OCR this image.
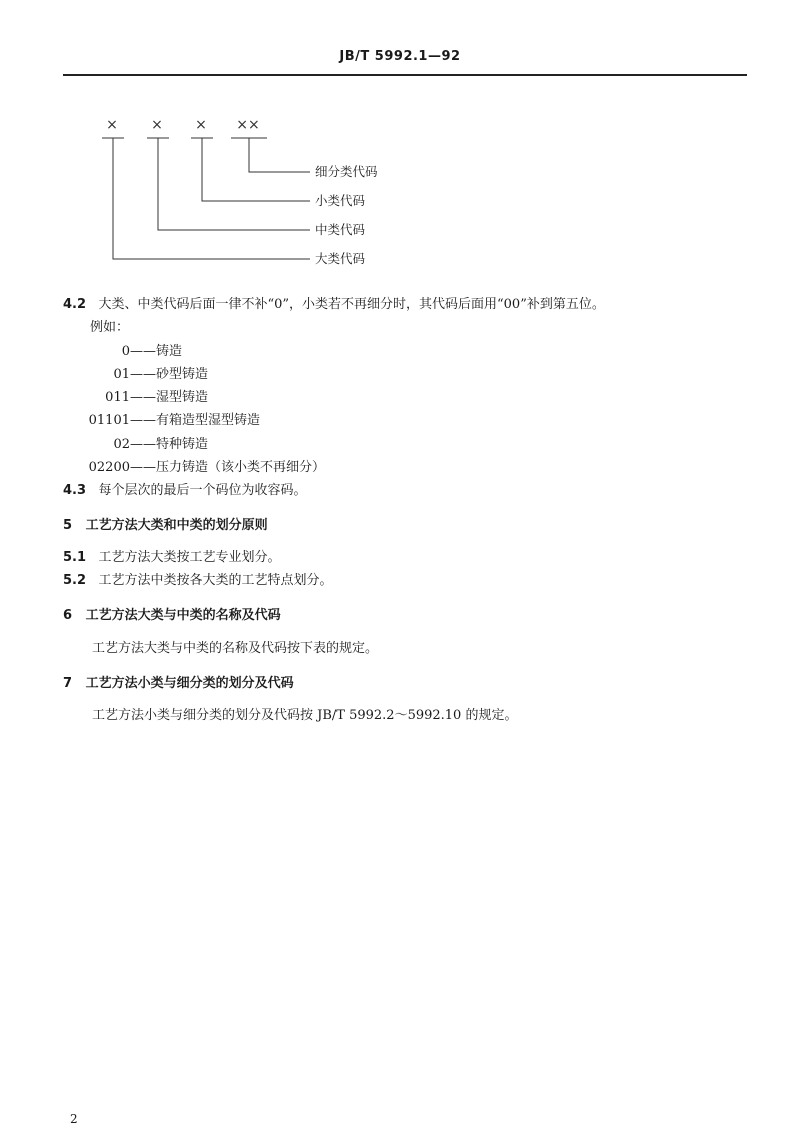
JB/T 5992.1—92
× × × ××
细分类代码
小类代码
中类代码
大类代码
4.2 大类、中类代码后面一律不补“0”，小类若不再细分时，其代码后面用“00”补到第五位。
例如：
0——铸造
01——砂型铸造
011——湿型铸造
01101——有箱造型湿型铸造
02——特种铸造
02200——压力铸造（该小类不再细分）
4.3 每个层次的最后一个码位为收容码。
5 工艺方法大类和中类的划分原则
5.1 工艺方法大类按工艺专业划分。
5.2 工艺方法中类按各大类的工艺特点划分。
6 工艺方法大类与中类的名称及代码
工艺方法大类与中类的名称及代码按下表的规定。
7 工艺方法小类与细分类的划分及代码
工艺方法小类与细分类的划分及代码按 JB/T 5992.2～5992.10 的规定。
2
